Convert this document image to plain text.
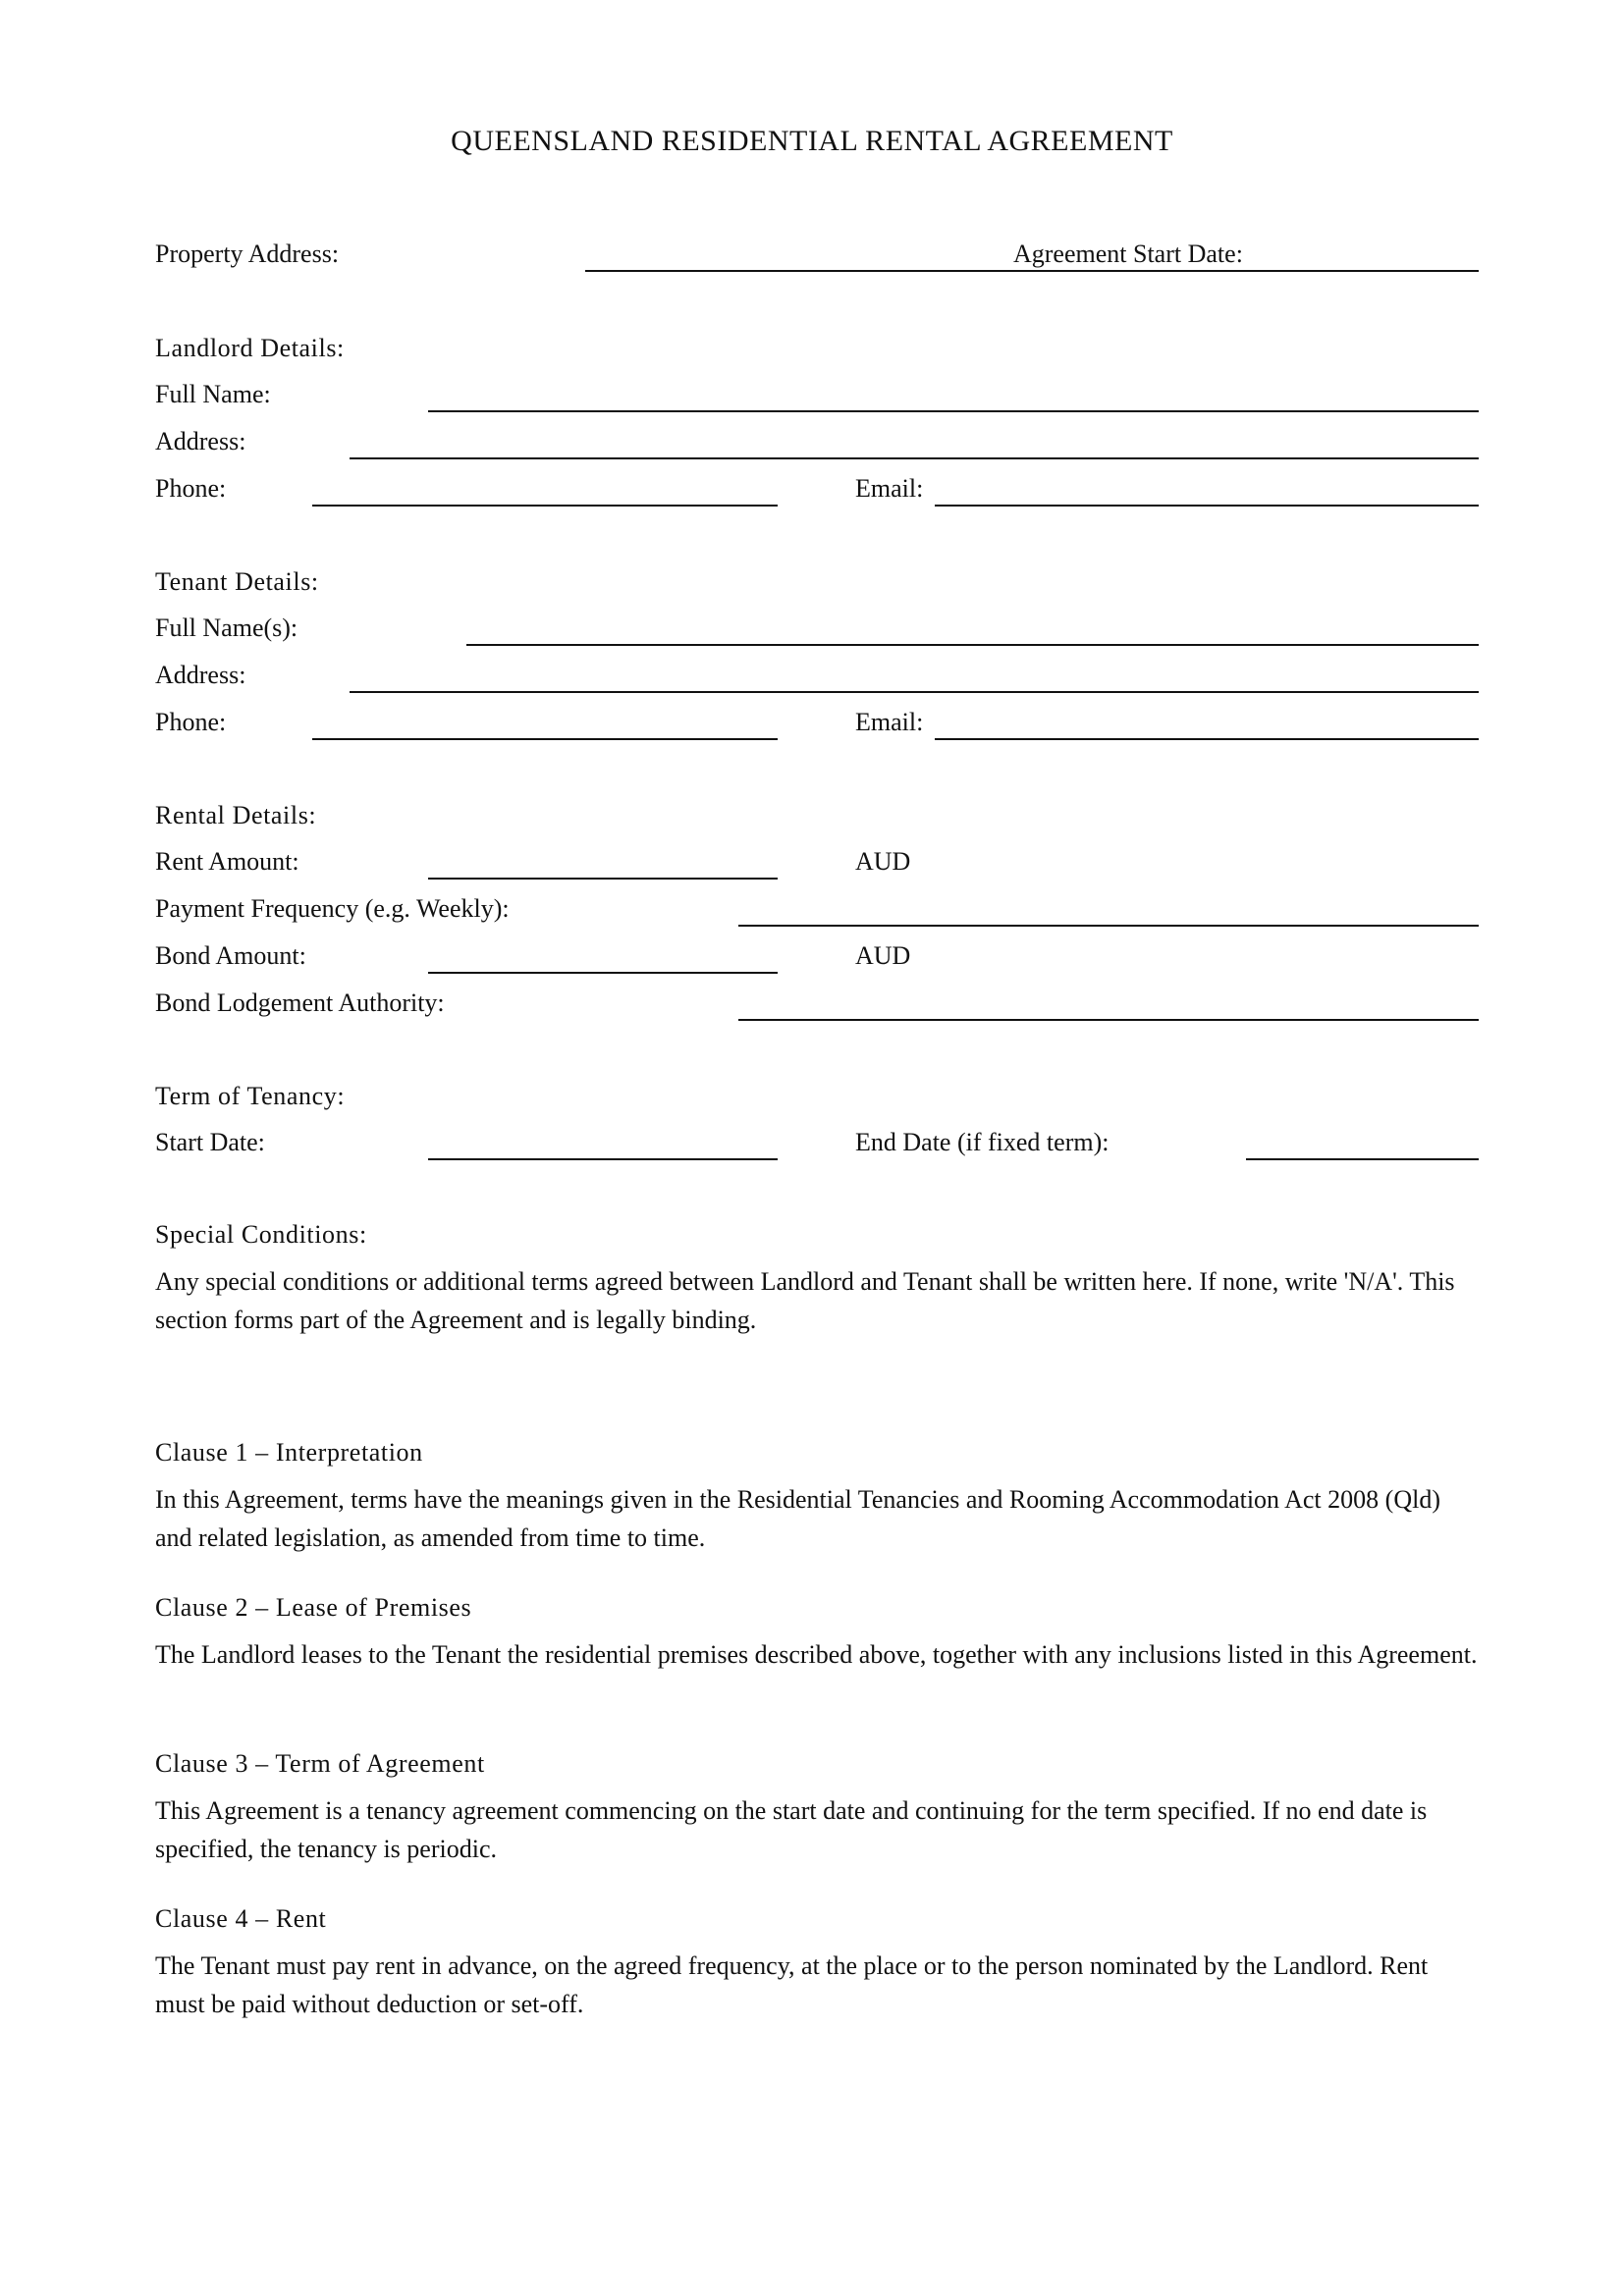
QUEENSLAND RESIDENTIAL RENTAL AGREEMENT
Property Address:	Agreement Start Date:
Landlord Details:
Full Name:
Address:
Phone:	Email:
Tenant Details:
Full Name(s):
Address:
Phone:	Email:
Rental Details:
Rent Amount:	AUD
Payment Frequency (e.g. Weekly):
Bond Amount:	AUD
Bond Lodgement Authority:
Term of Tenancy:
Start Date:	End Date (if fixed term):
Special Conditions:
Any special conditions or additional terms agreed between Landlord and Tenant shall be written here. If none, write 'N/A'. This section forms part of the Agreement and is legally binding.
Clause 1 – Interpretation
In this Agreement, terms have the meanings given in the Residential Tenancies and Rooming Accommodation Act 2008 (Qld) and related legislation, as amended from time to time.
Clause 2 – Lease of Premises
The Landlord leases to the Tenant the residential premises described above, together with any inclusions listed in this Agreement.
Clause 3 – Term of Agreement
This Agreement is a tenancy agreement commencing on the start date and continuing for the term specified. If no end date is specified, the tenancy is periodic.
Clause 4 – Rent
The Tenant must pay rent in advance, on the agreed frequency, at the place or to the person nominated by the Landlord. Rent must be paid without deduction or set-off.
